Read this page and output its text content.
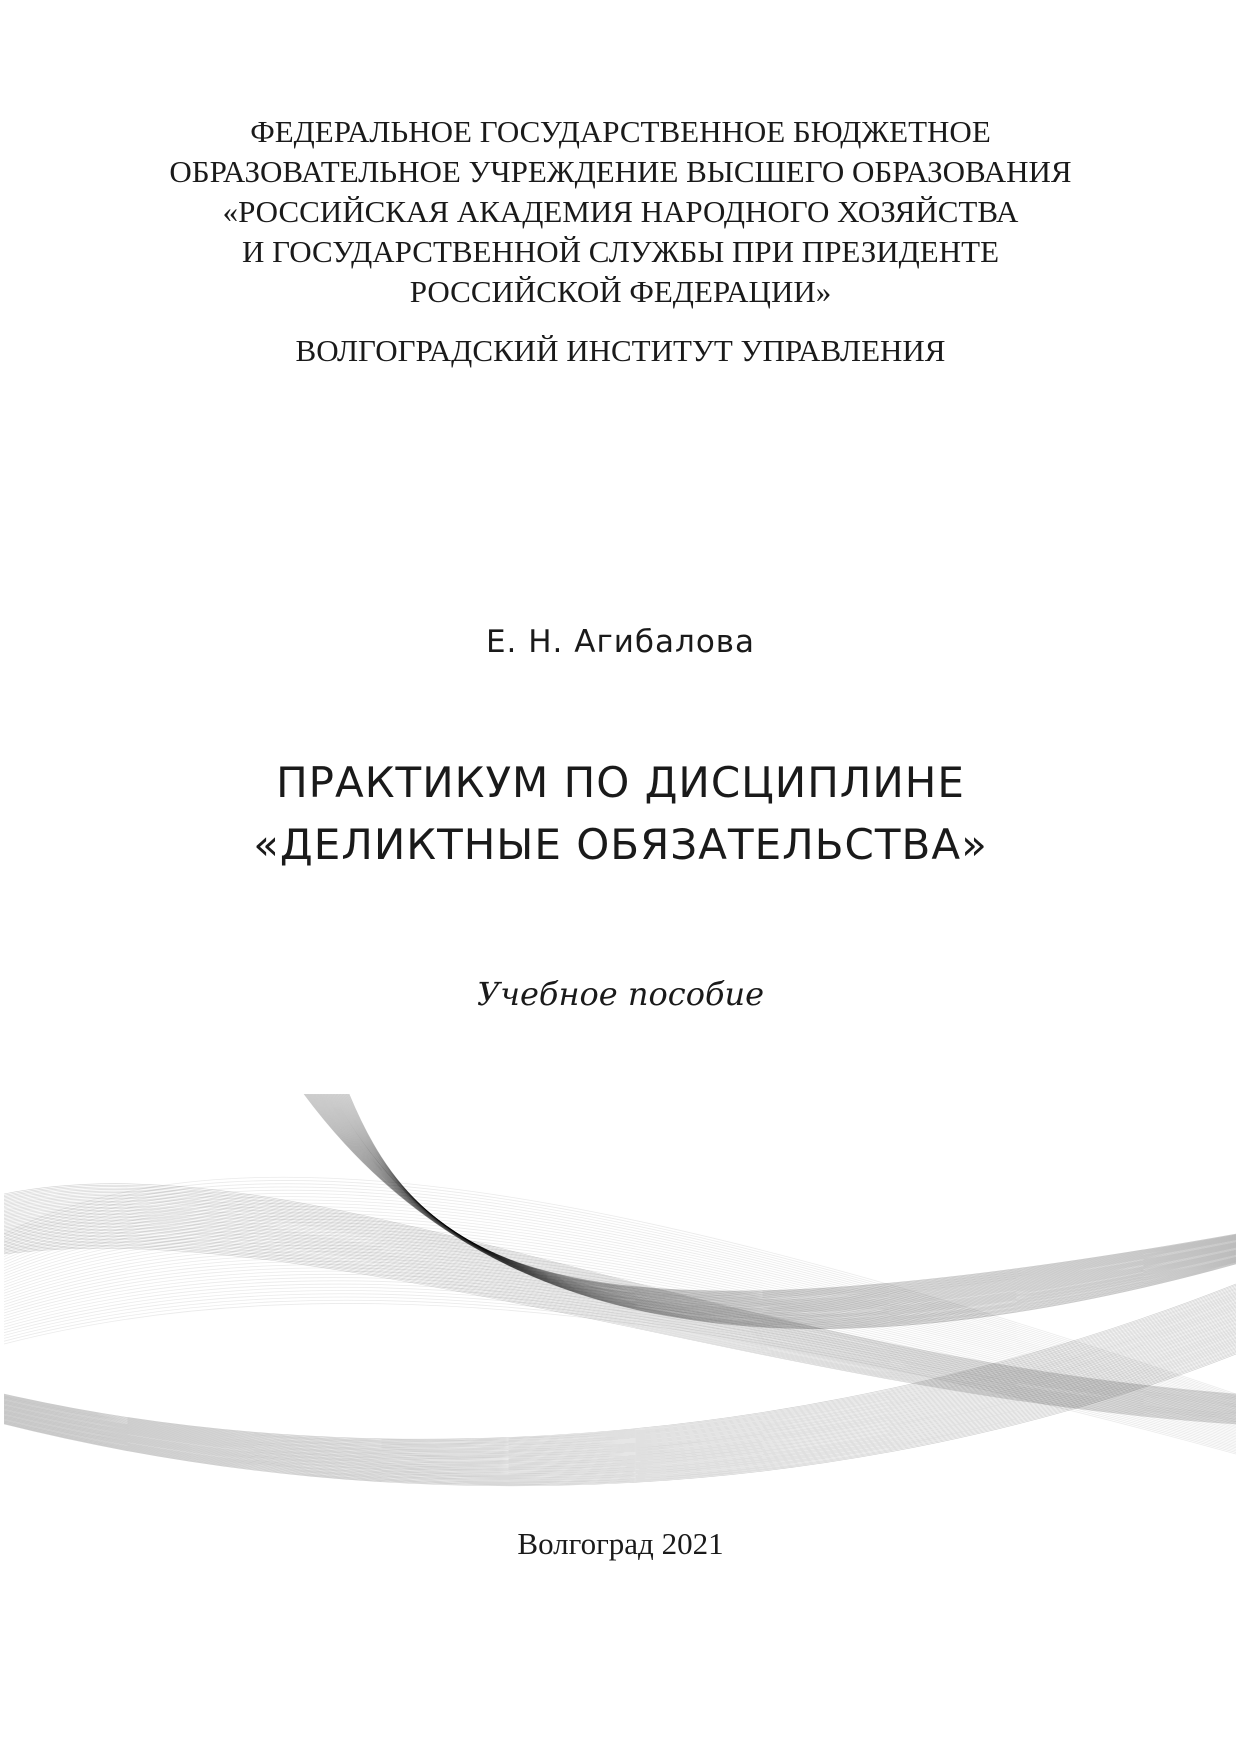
ФЕДЕРАЛЬНОЕ ГОСУДАРСТВЕННОЕ БЮДЖЕТНОЕ
ОБРАЗОВАТЕЛЬНОЕ УЧРЕЖДЕНИЕ ВЫСШЕГО ОБРАЗОВАНИЯ
«РОССИЙСКАЯ АКАДЕМИЯ НАРОДНОГО ХОЗЯЙСТВА
И ГОСУДАРСТВЕННОЙ СЛУЖБЫ ПРИ ПРЕЗИДЕНТЕ
РОССИЙСКОЙ ФЕДЕРАЦИИ»
ВОЛГОГРАДСКИЙ ИНСТИТУТ УПРАВЛЕНИЯ
Е. Н. Агибалова
ПРАКТИКУМ ПО ДИСЦИПЛИНЕ
«ДЕЛИКТНЫЕ ОБЯЗАТЕЛЬСТВА»
Учебное пособие
Волгоград 2021
